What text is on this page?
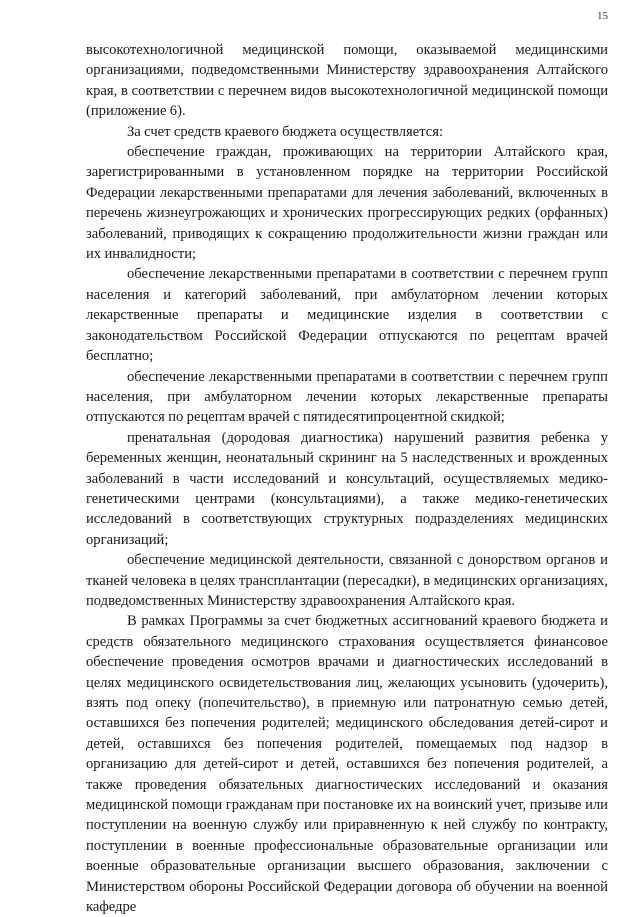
15

высокотехнологичной медицинской помощи, оказываемой медицинскими организациями, подведомственными Министерству здравоохранения Алтайского края, в соответствии с перечнем видов высокотехнологичной медицинской помощи (приложение 6).

За счет средств краевого бюджета осуществляется:

обеспечение граждан, проживающих на территории Алтайского края, зарегистрированными в установленном порядке на территории Российской Федерации лекарственными препаратами для лечения заболеваний, включенных в перечень жизнеугрожающих и хронических прогрессирующих редких (орфанных) заболеваний, приводящих к сокращению продолжительности жизни граждан или их инвалидности;

обеспечение лекарственными препаратами в соответствии с перечнем групп населения и категорий заболеваний, при амбулаторном лечении которых лекарственные препараты и медицинские изделия в соответствии с законодательством Российской Федерации отпускаются по рецептам врачей бесплатно;

обеспечение лекарственными препаратами в соответствии с перечнем групп населения, при амбулаторном лечении которых лекарственные препараты отпускаются по рецептам врачей с пятидесятипроцентной скидкой;

пренатальная (дородовая диагностика) нарушений развития ребенка у беременных женщин, неонатальный скрининг на 5 наследственных и врожденных заболеваний в части исследований и консультаций, осуществляемых медико-генетическими центрами (консультациями), а также медико-генетических исследований в соответствующих структурных подразделениях медицинских организаций;

обеспечение медицинской деятельности, связанной с донорством органов и тканей человека в целях трансплантации (пересадки), в медицинских организациях, подведомственных Министерству здравоохранения Алтайского края.

В рамках Программы за счет бюджетных ассигнований краевого бюджета и средств обязательного медицинского страхования осуществляется финансовое обеспечение проведения осмотров врачами и диагностических исследований в целях медицинского освидетельствования лиц, желающих усыновить (удочерить), взять под опеку (попечительство), в приемную или патронатную семью детей, оставшихся без попечения родителей; медицинского обследования детей-сирот и детей, оставшихся без попечения родителей, помещаемых под надзор в организацию для детей-сирот и детей, оставшихся без попечения родителей, а также проведения обязательных диагностических исследований и оказания медицинской помощи гражданам при постановке их на воинский учет, призыве или поступлении на военную службу или приравненную к ней службу по контракту, поступлении в военные профессиональные образовательные организации или военные образовательные организации высшего образования, заключении с Министерством обороны Российской Федерации договора об обучении на военной кафедре
